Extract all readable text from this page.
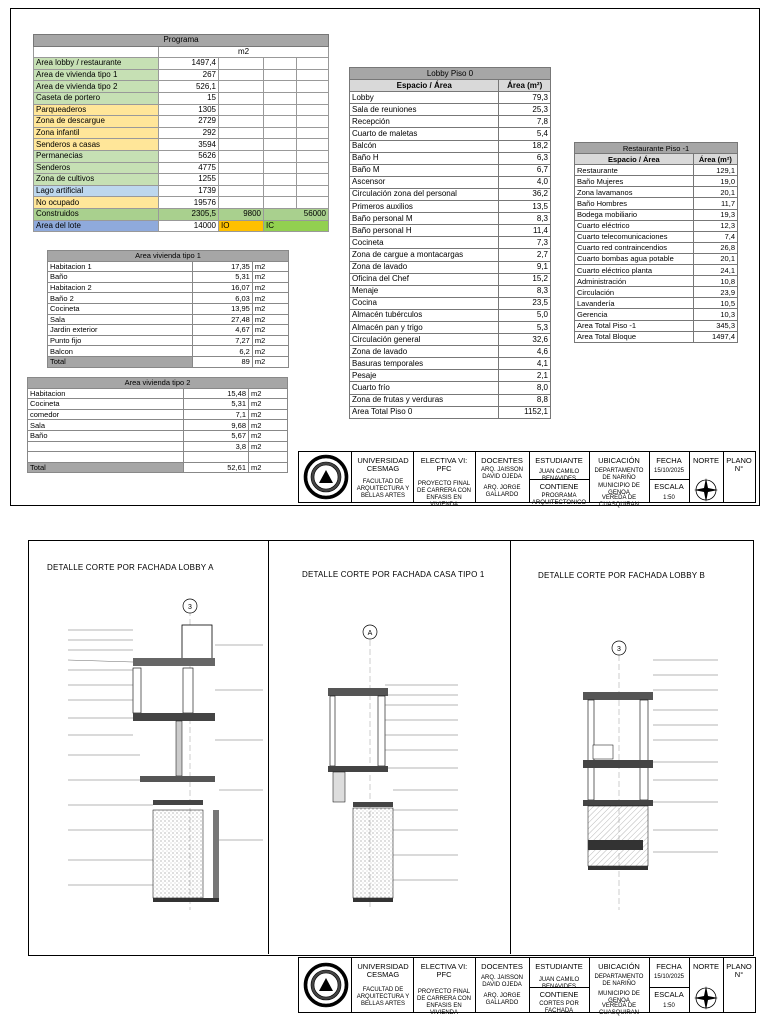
Programa				
	m2			
Area lobby / restaurante	1497,4			
Area de vivienda tipo 1	267			
Area de vivienda tipo 2	526,1			
Caseta de portero	15			
Parqueaderos	1305			
Zona de descargue	2729			
Zona infantil	292			
Senderos a casas	3594			
Permanecias	5626			
Senderos	4775			
Zona de cultivos	1255			
Lago artificial	1739			
No ocupado	19576			
Construidos	2305,5	9800	56000	
Area del lote	14000	IO	IC	
Area vivienda tipo 1		
Habitacion 1	17,35	m2
Baño	5,31	m2
Habitacion 2	16,07	m2
Baño 2	6,03	m2
Cocineta	13,95	m2
Sala	27,48	m2
Jardin exterior	4,67	m2
Punto fijo	7,27	m2
Balcon	6,2	m2
Total	89	m2
Area vivienda tipo 2		
Habitacion	15,48	m2
Cocineta	5,31	m2
comedor	7,1	m2
Sala	9,68	m2
Baño	5,67	m2
	3,8	m2

Total	52,61	m2
Lobby Piso 0	
Espacio / Área	Área (m²)
Lobby	79,3
Sala de reuniones	25,3
Recepción	7,8
Cuarto de maletas	5,4
Balcón	18,2
Baño H	6,3
Baño M	6,7
Ascensor	4,0
Circulación zona del personal	36,2
Primeros auxilios	13,5
Baño personal M	8,3
Baño personal H	11,4
Cocineta	7,3
Zona de cargue a montacargas	2,7
Zona de lavado	9,1
Oficina del Chef	15,2
Menaje	8,3
Cocina	23,5
Almacén tubérculos	5,0
Almacén pan y trigo	5,3
Circulación general	32,6
Zona de lavado	4,6
Basuras temporales	4,1
Pesaje	2,1
Cuarto frío	8,0
Zona de frutas y verduras	8,8
Area Total Piso 0	1152,1
Restaurante Piso -1	
Espacio / Área	Área (m²)
Restaurante	129,1
Baño Mujeres	19,0
Zona lavamanos	20,1
Baño Hombres	11,7
Bodega mobiliario	19,3
Cuarto eléctrico	12,3
Cuarto telecomunicaciones	7,4
Cuarto red contraincendios	26,8
Cuarto bombas agua potable	20,1
Cuarto eléctrico planta	24,1
Administración	10,8
Circulación	23,9
Lavandería	10,5
Gerencia	10,3
Area Total Piso -1	345,3
Area Total Bloque	1497,4
UNIVERSIDAD CESMAG
FACULTAD DE ARQUITECTURA Y BELLAS ARTES
ELECTIVA VI: PFC
PROYECTO FINAL DE CARRERA CON ENFASIS EN VIVIENDA
DOCENTES
ARQ. JAISSON DAVID OJEDA
ARQ. JORGE GALLARDO
ESTUDIANTE
JUAN CAMILO BENAVIDES
CONTIENE
PROGRAMA ARQUITECTONICO
UBICACIÓN
DEPARTAMENTO DE NARIÑO
MUNICIPIO DE GENOA
VEREDA DE CUASQUIRAN
FECHA
15/10/2025
ESCALA
1:50
NORTE PLANO N°
DETALLE CORTE POR FACHADA LOBBY A
DETALLE CORTE POR FACHADA CASA TIPO 1	DETALLE CORTE POR FACHADA LOBBY B
3
A
3
UNIVERSIDAD CESMAG
FACULTAD DE ARQUITECTURA Y BELLAS ARTES
ELECTIVA VI: PFC
PROYECTO FINAL DE CARRERA CON ENFASIS EN VIVIENDA
DOCENTES
ARQ. JAISSON DAVID OJEDA
ARQ. JORGE GALLARDO
ESTUDIANTE
JUAN CAMILO BENAVIDES
CONTIENE
CORTES POR FACHADA
UBICACIÓN
DEPARTAMENTO DE NARIÑO
MUNICIPIO DE GENOA
VEREDA DE CUASQUIRAN
FECHA
15/10/2025
ESCALA
1:50
NORTE PLANO N°
